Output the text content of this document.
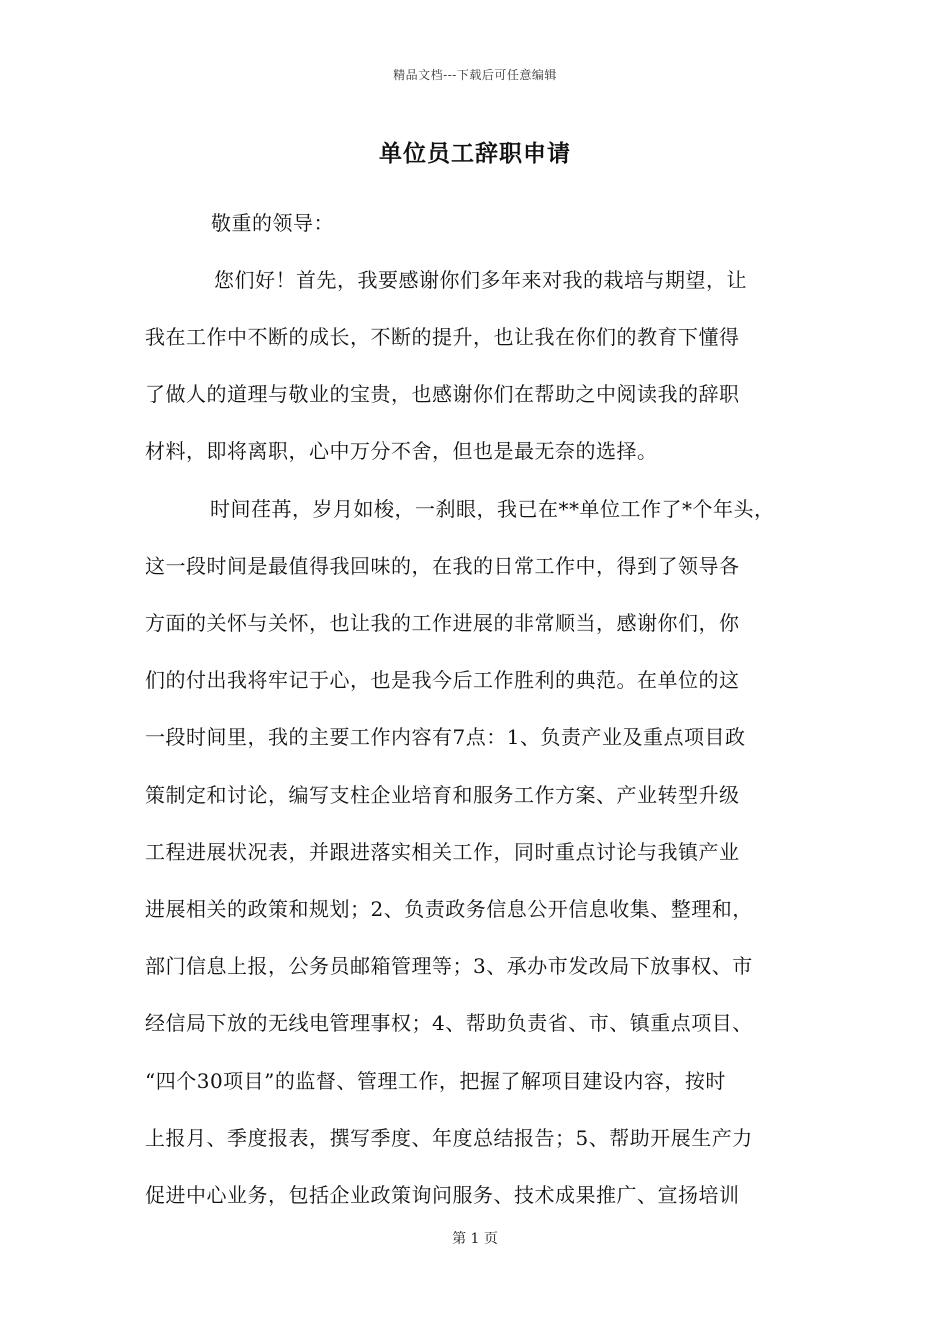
精品文档---下载后可任意编辑
单位员工辞职申请
敬重的领导：
您们好！首先，我要感谢你们多年来对我的栽培与期望，让
我在工作中不断的成长，不断的提升，也让我在你们的教育下懂得
了做人的道理与敬业的宝贵，也感谢你们在帮助之中阅读我的辞职
材料，即将离职，心中万分不舍，但也是最无奈的选择。
时间荏苒，岁月如梭，一刹眼，我已在**单位工作了*个年头，
这一段时间是最值得我回味的，在我的日常工作中，得到了领导各
方面的关怀与关怀，也让我的工作进展的非常顺当，感谢你们，你
们的付出我将牢记于心，也是我今后工作胜利的典范。在单位的这
一段时间里，我的主要工作内容有7点：1、负责产业及重点项目政
策制定和讨论，编写支柱企业培育和服务工作方案、产业转型升级
工程进展状况表，并跟进落实相关工作，同时重点讨论与我镇产业
进展相关的政策和规划；2、负责政务信息公开信息收集、整理和，
部门信息上报，公务员邮箱管理等；3、承办市发改局下放事权、市
经信局下放的无线电管理事权；4、帮助负责省、市、镇重点项目、
“四个30项目”的监督、管理工作，把握了解项目建设内容，按时
上报月、季度报表，撰写季度、年度总结报告；5、帮助开展生产力
促进中心业务，包括企业政策询问服务、技术成果推广、宣扬培训
第 1 页
